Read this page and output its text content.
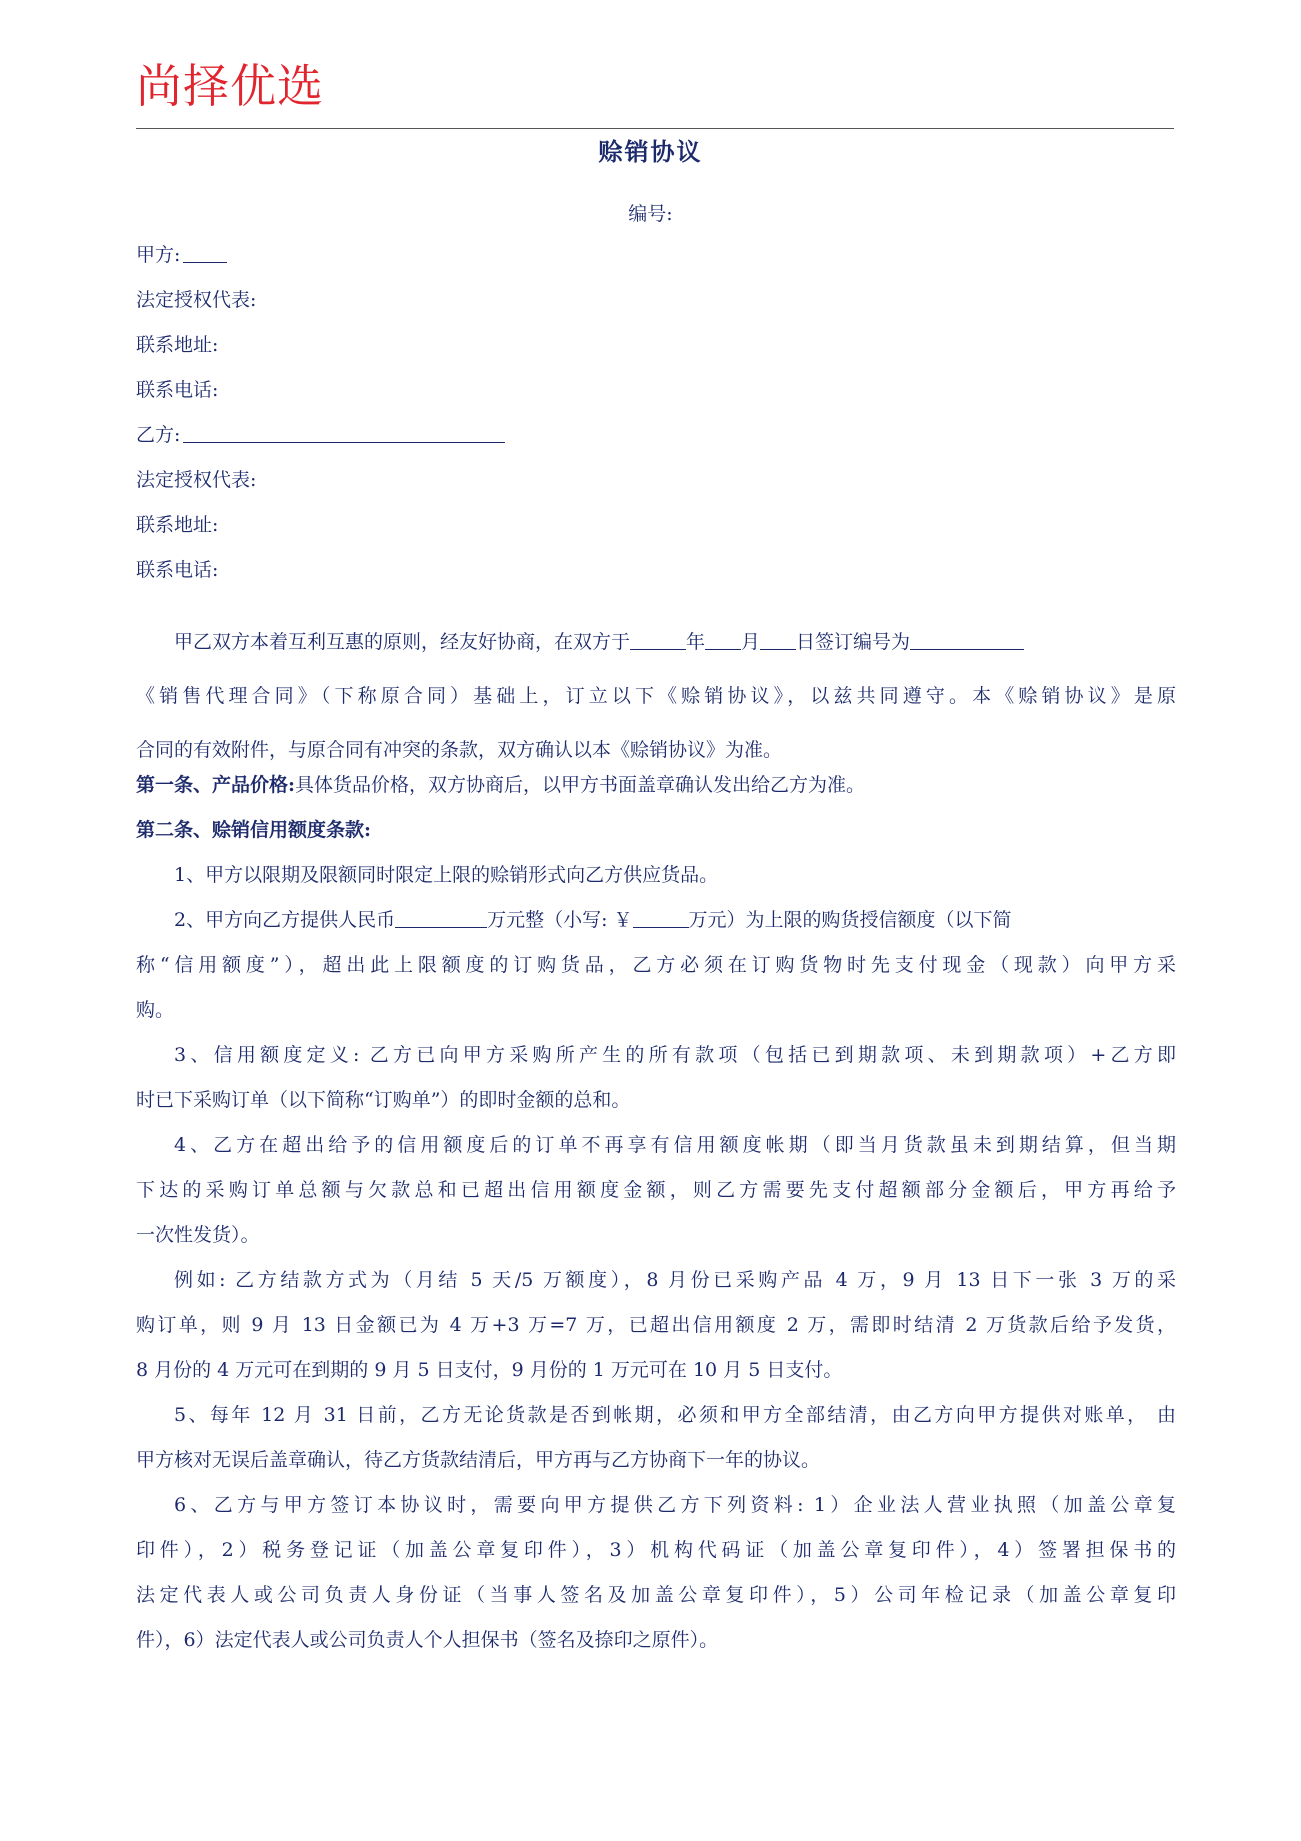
尚择优选
赊销协议
编号:
甲方:
法定授权代表:
联系地址:
联系电话:
乙方:
法定授权代表:
联系地址:
联系电话:
甲乙双方本着互利互惠的原则，经友好协商，在双方于	年 月 日签订编号为
《销售代理合同》（下称原合同）基础上，订立以下《赊销协议》，以兹共同遵守。本《赊销协议》是原
合同的有效附件，与原合同有冲突的条款，双方确认以本《赊销协议》为准。
第一条、产品价格:具体货品价格，双方协商后，以甲方书面盖章确认发出给乙方为准。
第二条、赊销信用额度条款:
1、甲方以限期及限额同时限定上限的赊销形式向乙方供应货品。
2、甲方向乙方提供人民币	万元整（小写: ￥	万元）为上限的购货授信额度（以下简
称“信用额度”），超出此上限额度的订购货品，乙方必须在订购货物时先支付现金（现款）向甲方采
购。
3、信用额度定义: 乙方已向甲方采购所产生的所有款项（包括已到期款项、未到期款项）+乙方即
时已下采购订单（以下简称“订购单”）的即时金额的总和。
4、乙方在超出给予的信用额度后的订单不再享有信用额度帐期（即当月货款虽未到期结算，但当期
下达的采购订单总额与欠款总和已超出信用额度金额，则乙方需要先支付超额部分金额后，甲方再给予
一次性发货）。
例如: 乙方结款方式为（月结 5 天/5 万额度），8 月份已采购产品 4 万，9 月 13 日下一张 3 万的采
购订单，则 9 月 13 日金额已为 4 万+3 万=7 万，已超出信用额度 2 万，需即时结清 2 万货款后给予发货，
8 月份的 4 万元可在到期的 9 月 5 日支付，9 月份的 1 万元可在 10 月 5 日支付。
5、每年 12 月 31 日前，乙方无论货款是否到帐期，必须和甲方全部结清，由乙方向甲方提供对账单， 由
甲方核对无误后盖章确认，待乙方货款结清后，甲方再与乙方协商下一年的协议。
6、乙方与甲方签订本协议时，需要向甲方提供乙方下列资料: 1）企业法人营业执照（加盖公章复
印件），2）税务登记证（加盖公章复印件），3）机构代码证（加盖公章复印件），4）签署担保书的
法定代表人或公司负责人身份证（当事人签名及加盖公章复印件），5）公司年检记录（加盖公章复印
件），6）法定代表人或公司负责人个人担保书（签名及捺印之原件）。
